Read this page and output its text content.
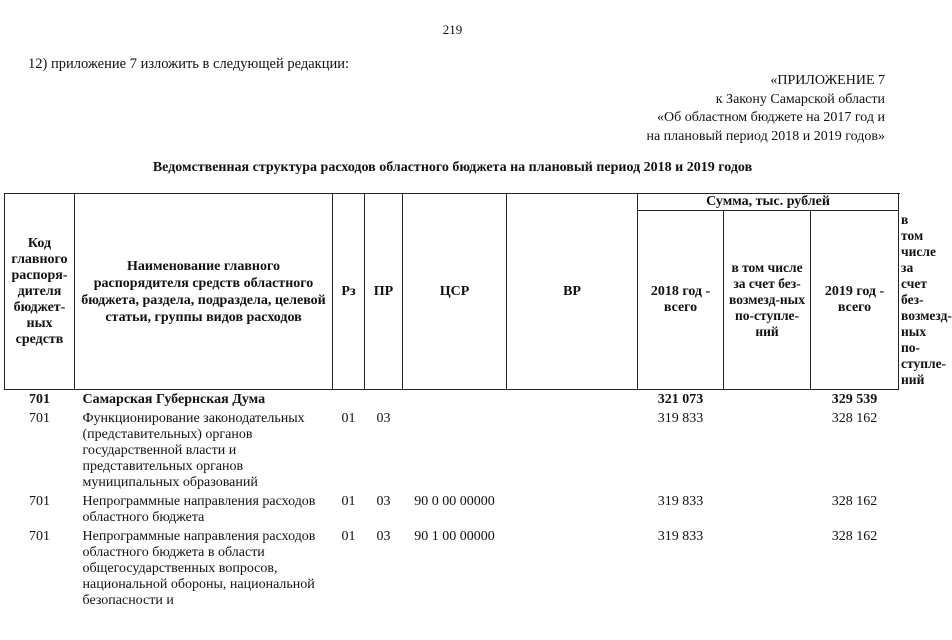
219
12) приложение 7 изложить в следующей редакции:
«ПРИЛОЖЕНИЕ 7
к Закону Самарской области
«Об областном бюджете на 2017 год и
на плановый период 2018 и 2019 годов»
Ведомственная структура расходов областного бюджета на плановый период 2018 и 2019 годов
Код главного распоря-дителя бюджет-ных средств	Наименование главного распорядителя средств областного бюджета, раздела, подраздела, целевой статьи, группы видов расходов	Рз	ПР	ЦСР	ВР	Сумма, тыс. рублей			
						2018 год - всего	в том числе за счет без-возмезд-ных по-ступле-ний	2019 год - всего	в том числе за счет без-возмезд-ных по-ступле-ний
701	Самарская Губернская Дума					321 073		329 539	
701	Функционирование законодательных (представительных) органов государственной власти и представительных органов муниципальных образований	01	03			319 833		328 162	
701	Непрограммные направления расходов областного бюджета	01	03	90 0 00 00000		319 833		328 162	
701	Непрограммные направления расходов областного бюджета в области общегосударственных вопросов, национальной обороны, национальной безопасности и	01	03	90 1 00 00000		319 833		328 162	
